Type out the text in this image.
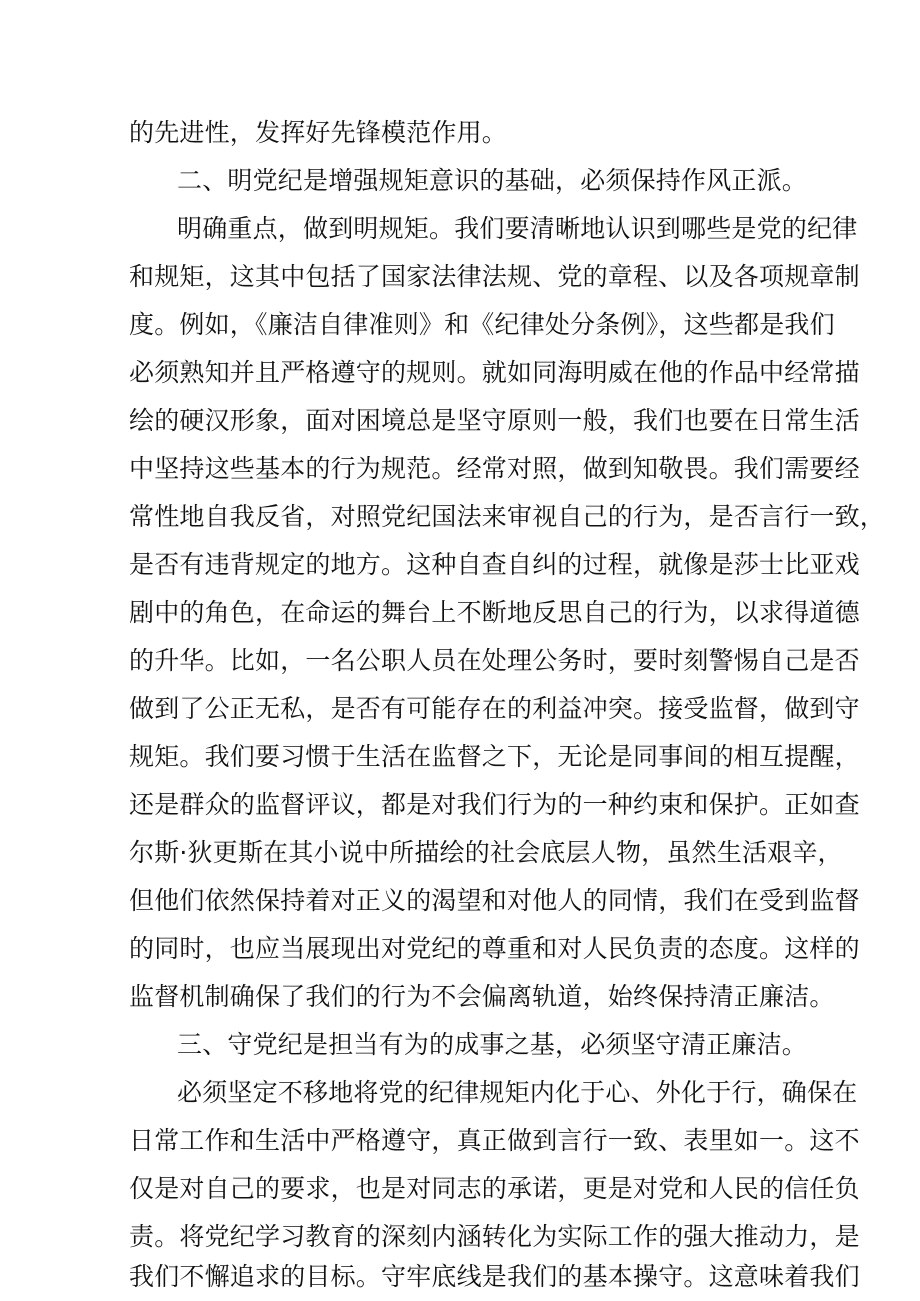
的先进性，发挥好先锋模范作用。
二、明党纪是增强规矩意识的基础，必须保持作风正派。
明确重点，做到明规矩。我们要清晰地认识到哪些是党的纪律
和规矩，这其中包括了国家法律法规、党的章程、以及各项规章制
度。例如，《廉洁自律准则》和《纪律处分条例》，这些都是我们
必须熟知并且严格遵守的规则。就如同海明威在他的作品中经常描
绘的硬汉形象，面对困境总是坚守原则一般，我们也要在日常生活
中坚持这些基本的行为规范。经常对照，做到知敬畏。我们需要经
常性地自我反省，对照党纪国法来审视自己的行为，是否言行一致，
是否有违背规定的地方。这种自查自纠的过程，就像是莎士比亚戏
剧中的角色，在命运的舞台上不断地反思自己的行为，以求得道德
的升华。比如，一名公职人员在处理公务时，要时刻警惕自己是否
做到了公正无私，是否有可能存在的利益冲突。接受监督，做到守
规矩。我们要习惯于生活在监督之下，无论是同事间的相互提醒，
还是群众的监督评议，都是对我们行为的一种约束和保护。正如查
尔斯·狄更斯在其小说中所描绘的社会底层人物，虽然生活艰辛，
但他们依然保持着对正义的渴望和对他人的同情，我们在受到监督
的同时，也应当展现出对党纪的尊重和对人民负责的态度。这样的
监督机制确保了我们的行为不会偏离轨道，始终保持清正廉洁。
三、守党纪是担当有为的成事之基，必须坚守清正廉洁。
必须坚定不移地将党的纪律规矩内化于心、外化于行，确保在
日常工作和生活中严格遵守，真正做到言行一致、表里如一。这不
仅是对自己的要求，也是对同志的承诺，更是对党和人民的信任负
责。将党纪学习教育的深刻内涵转化为实际工作的强大推动力，是
我们不懈追求的目标。守牢底线是我们的基本操守。这意味着我们
